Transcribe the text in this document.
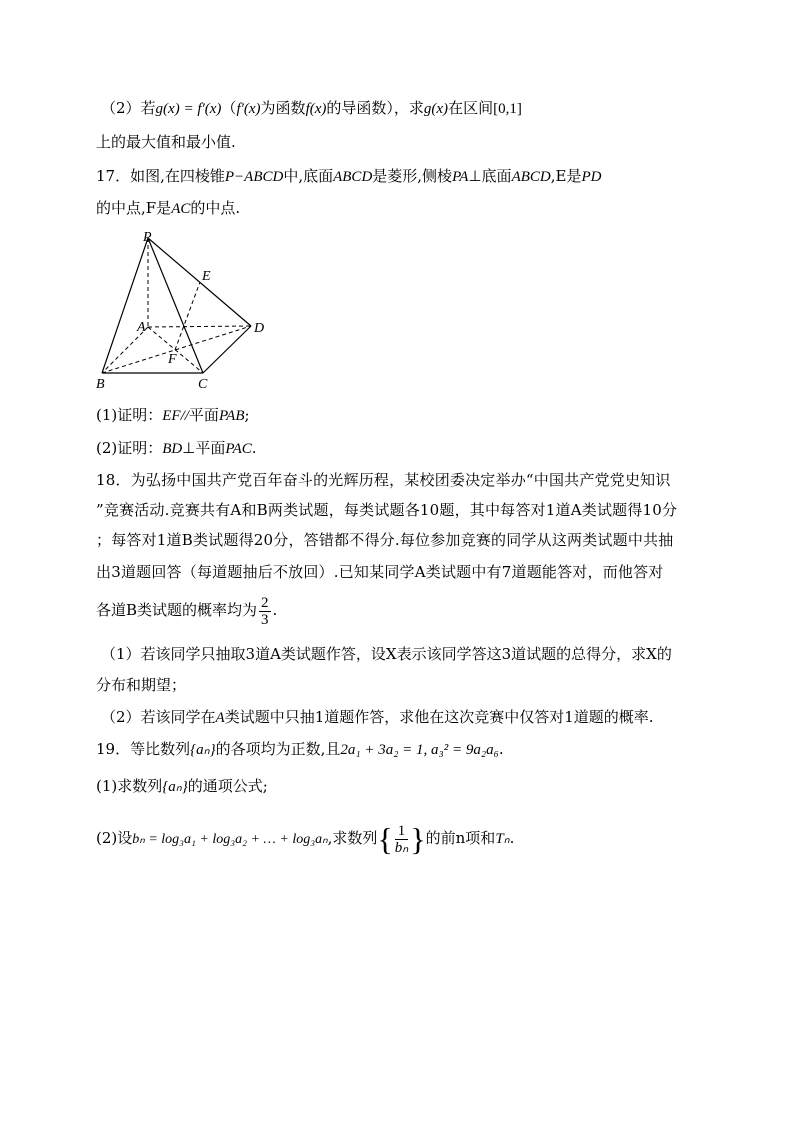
（2）若g(x) = f′(x)（f′(x)为函数f(x)的导函数），求g(x)在区间[0,1]
上的最大值和最小值.
17．如图,在四棱锥P−ABCD中,底面ABCD是菱形,侧棱PA⊥底面ABCD,E是PD
的中点,F是AC的中点.
P
E
A	D
F
B	C
(1)证明：EF//平面PAB;
(2)证明：BD⊥平面PAC.
18．为弘扬中国共产党百年奋斗的光辉历程，某校团委决定举办“中国共产党党史知识
”竞赛活动.竞赛共有A和B两类试题，每类试题各10题，其中每答对1道A类试题得10分
；每答对1道B类试题得20分，答错都不得分.每位参加竞赛的同学从这两类试题中共抽
出3道题回答（每道题抽后不放回）.已知某同学A类试题中有7道题能答对，而他答对
各道B类试题的概率均为 $\frac{2}{3}$ .
（1）若该同学只抽取3道A类试题作答，设X表示该同学答这3道试题的总得分，求X的
分布和期望；
（2）若该同学在A类试题中只抽1道题作答，求他在这次竞赛中仅答对1道题的概率.
19．等比数列{aₙ}的各项均为正数,且2a₁ + 3a₂ = 1, a₃² = 9a₂a₆.
(1)求数列{aₙ}的通项公式;
(2)设bₙ = log₃a₁ + log₃a₂ + … + log₃aₙ,求数列{ $\frac{1}{\text{bₙ}}$ }的前n项和Tₙ.
